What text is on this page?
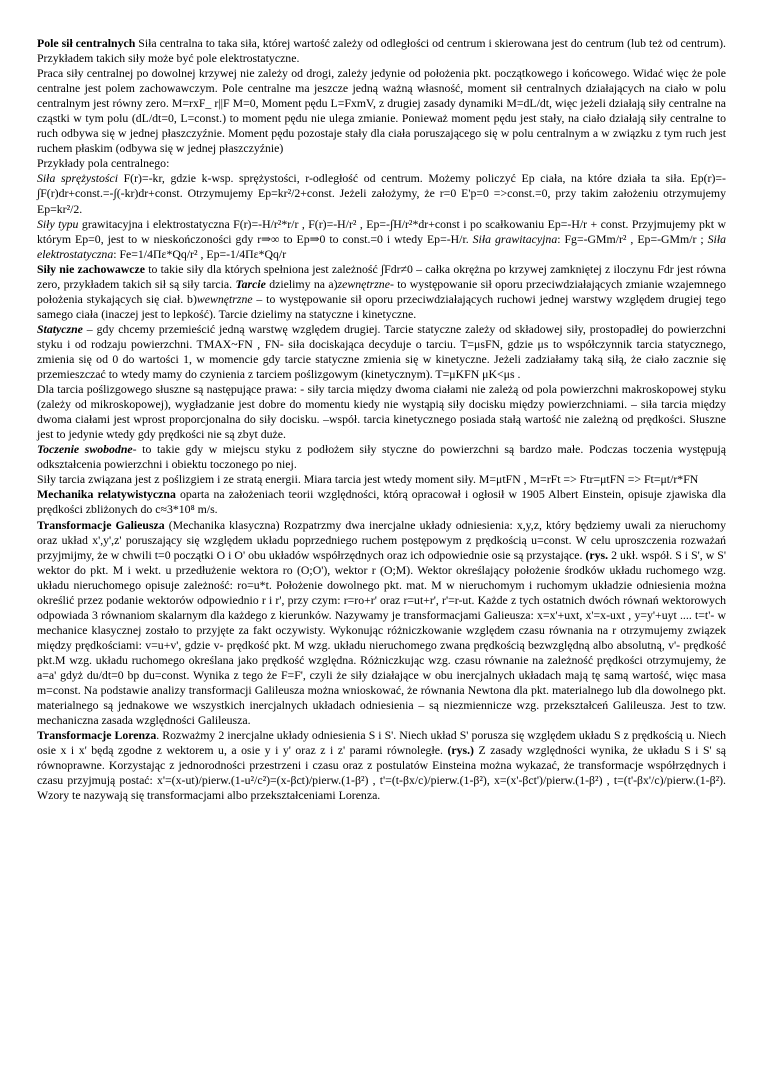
Pole sił centralnych Siła centralna to taka siła, której wartość zależy od odległości od centrum i skierowana jest do centrum (lub też od centrum). Przykładem takich siły może być pole elektrostatyczne.

Praca siły centralnej po dowolnej krzywej nie zależy od drogi, zależy jedynie od położenia pkt. początkowego i końcowego. Widać więc że pole centralne jest polem zachowawczym. Pole centralne ma jeszcze jedną ważną własność, moment sił centralnych działających na ciało w polu centralnym jest równy zero. M=rxF_ r||F M=0, Moment pędu L=FxmV, z drugiej zasady dynamiki M=dL/dt, więc jeżeli działają siły centralne na cząstki w tym polu (dL/dt=0, L=const.) to moment pędu nie ulega zmianie. Ponieważ moment pędu jest stały, na ciało działają siły centralne to ruch odbywa się w jednej płaszczyźnie. Moment pędu pozostaje stały dla ciała poruszającego się w polu centralnym a w związku z tym ruch jest ruchem płaskim (odbywa się w jednej płaszczyźnie)

Przykłady pola centralnego:

Siła sprężystości F(r)=-kr, gdzie k-wsp. sprężystości, r-odległość od centrum. Możemy policzyć Ep ciała, na które działa ta siła. Ep(r)=-∫F(r)dr+const.=-∫(-kr)dr+const. Otrzymujemy Ep=kr²/2+const. Jeżeli założymy, że r=0 E'p=0 =>const.=0, przy takim założeniu otrzymujemy Ep=kr²/2.

Siły typu grawitacyjna i elektrostatyczna F(r)=-H/r²*r/r , F(r)=-H/r² , Ep=-∫H/r²*dr+const i po scałkowaniu Ep=-H/r + const. Przyjmujemy pkt w którym Ep=0, jest to w nieskończoności gdy r⇒∞ to Ep⇒0 to const.=0 i wtedy Ep=-H/r. Siła grawitacyjna: Fg=-GMm/r² , Ep=-GMm/r ; Siła elektrostatyczna: Fe=1/4Πε*Qq/r² , Ep=-1/4Πε*Qq/r

Siły nie zachowawcze to takie siły dla których spełniona jest zależność ∫Fdr≠0 – całka okrężna po krzywej zamkniętej z iloczynu Fdr jest równa zero, przykładem takich sił są siły tarcia. Tarcie dzielimy na a)zewnętrzne- to występowanie sił oporu przeciwdziałających zmianie wzajemnego położenia stykających się ciał. b)wewnętrzne – to występowanie sił oporu przeciwdziałających ruchowi jednej warstwy względem drugiej tego samego ciała (inaczej jest to lepkość). Tarcie dzielimy na statyczne i kinetyczne.

Statyczne – gdy chcemy przemieścić jedną warstwę względem drugiej. Tarcie statyczne zależy od składowej siły, prostopadłej do powierzchni styku i od rodzaju powierzchni. TMAX~FN , FN- siła dociskająca decyduje o tarciu. T=μsFN, gdzie μs to współczynnik tarcia statycznego, zmienia się od 0 do wartości 1, w momencie gdy tarcie statyczne zmienia się w kinetyczne. Jeżeli zadziałamy taką siłą, że ciało zacznie się przemieszczać to wtedy mamy do czynienia z tarciem poślizgowym (kinetycznym). T=μKFN μK<μs .

Dla tarcia poślizgowego słuszne są następujące prawa: - siły tarcia między dwoma ciałami nie zależą od pola powierzchni makroskopowej styku (zależy od mikroskopowej), wygładzanie jest dobre do momentu kiedy nie wystąpią siły docisku między powierzchniami. – siła tarcia między dwoma ciałami jest wprost proporcjonalna do siły docisku. –współ. tarcia kinetycznego posiada stałą wartość nie zależną od prędkości. Słuszne jest to jedynie wtedy gdy prędkości nie są zbyt duże.

Toczenie swobodne- to takie gdy w miejscu styku z podłożem siły styczne do powierzchni są bardzo małe. Podczas toczenia występują odkształcenia powierzchni i obiektu toczonego po niej.

Siły tarcia związana jest z poślizgiem i ze stratą energii. Miara tarcia jest wtedy moment siły. M=μtFN , M=rFt => Ftr=μtFN => Ft=μt/r*FN

Mechanika relatywistyczna oparta na założeniach teorii względności, którą opracował i ogłosił w 1905 Albert Einstein, opisuje zjawiska dla prędkości zbliżonych do c≈3*10⁸ m/s.

Transformacje Galieusza (Mechanika klasyczna) Rozpatrzmy dwa inercjalne układy odniesienia: x,y,z, który będziemy uwali za nieruchomy oraz układ x',y',z' poruszający się względem układu poprzedniego ruchem postępowym z prędkością u=const. W celu uproszczenia rozważań przyjmijmy, że w chwili t=0 początki O i O' obu układów współrzędnych oraz ich odpowiednie osie są przystające. (rys. 2 ukł. współ. S i S', w S' wektor do pkt. M i wekt. u przedłużenie wektora ro (O;O'), wektor r (O;M). Wektor określający położenie środków układu ruchomego wzg. układu nieruchomego opisuje zależność: ro=u*t. Położenie dowolnego pkt. mat. M w nieruchomym i ruchomym układzie odniesienia można określić przez podanie wektorów odpowiednio r i r', przy czym: r=ro+r' oraz r=ut+r', r'=r-ut. Każde z tych ostatnich dwóch równań wektorowych odpowiada 3 równaniom skalarnym dla każdego z kierunków. Nazywamy je transformacjami Galieusza: x=x'+uxt, x'=x-uxt , y=y'+uyt .... t=t'- w mechanice klasycznej zostało to przyjęte za fakt oczywisty. Wykonując różniczkowanie względem czasu równania na r otrzymujemy związek między prędkościami: v=u+v', gdzie v- prędkość pkt. M wzg. układu nieruchomego zwana prędkością bezwzględną albo absolutną, v'- prędkość pkt.M wzg. układu ruchomego określana jako prędkość względna. Różniczkując wzg. czasu równanie na zależność prędkości otrzymujemy, że a=a' gdyż du/dt=0 bp du=const. Wynika z tego że F=F', czyli że siły działające w obu inercjalnych układach mają tę samą wartość, więc masa m=const. Na podstawie analizy transformacji Galileusza można wnioskować, że równania Newtona dla pkt. materialnego lub dla dowolnego pkt. materialnego są jednakowe we wszystkich inercjalnych układach odniesienia – są niezmiennicze wzg. przekształceń Galileusza. Jest to tzw. mechaniczna zasada względności Galileusza.

Transformacje Lorenza. Rozważmy 2 inercjalne układy odniesienia S i S'. Niech układ S' porusza się względem układu S z prędkością u. Niech osie x i x' będą zgodne z wektorem u, a osie y i y' oraz z i z' parami równoległe. (rys.) Z zasady względności wynika, że układu S i S' są równoprawne. Korzystając z jednorodności przestrzeni i czasu oraz z postulatów Einsteina można wykazać, że transformacje współrzędnych i czasu przyjmują postać: x'=(x-ut)/pierw.(1-u²/c²)=(x-βct)/pierw.(1-β²) , t'=(t-βx/c)/pierw.(1-β²), x=(x'-βct')/pierw.(1-β²) , t=(t'-βx'/c)/pierw.(1-β²). Wzory te nazywają się transformacjami albo przekształceniami Lorenza.
